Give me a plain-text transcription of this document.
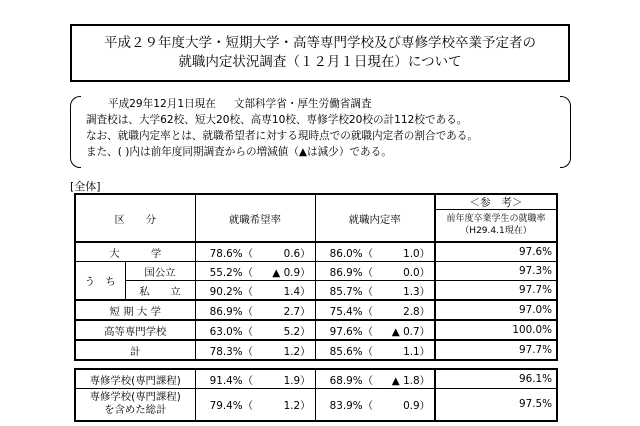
平成２９年度大学・短期大学・高等専門学校及び専修学校卒業予定者の
就職内定状況調査（１２月１日現在）について
平成29年12月1日現在 文部科学省・厚生労働省調査
調査校は、大学62校、短大20校、高専10校、専修学校20校の計112校である。
なお、就職内定率とは、就職希望者に対する現時点での就職内定者の割合である。
また、( )内は前年度同期調査からの増減値（▲は減少）である。
[全体]
区　　分		就職希望率		就職内定率		＜参　考＞
前年度卒業学生の就職率
（H29.4.1現在）

大　　　学		78.6%（	0.6）	86.0%（	1.0）	97.6%
う　ち	国公立	55.2%（	▲ 0.9）	86.9%（	0.0）	97.3%
	私　　立	90.2%（	1.4）	85.7%（	1.3）	97.7%
短 期 大 学		86.9%（	2.7）	75.4%（	2.8）	97.0%
高等専門学校		63.0%（	5.2）	97.6%（	▲ 0.7）	100.0%
計		78.3%（	1.2）	85.6%（	1.1）	97.7%
専修学校(専門課程)	91.4%（	1.9）	68.9%（	▲ 1.8）	96.1%

専修学校(専門課程)
を含めた総計	79.4%（	1.2）	83.9%（	0.9）	97.5%
